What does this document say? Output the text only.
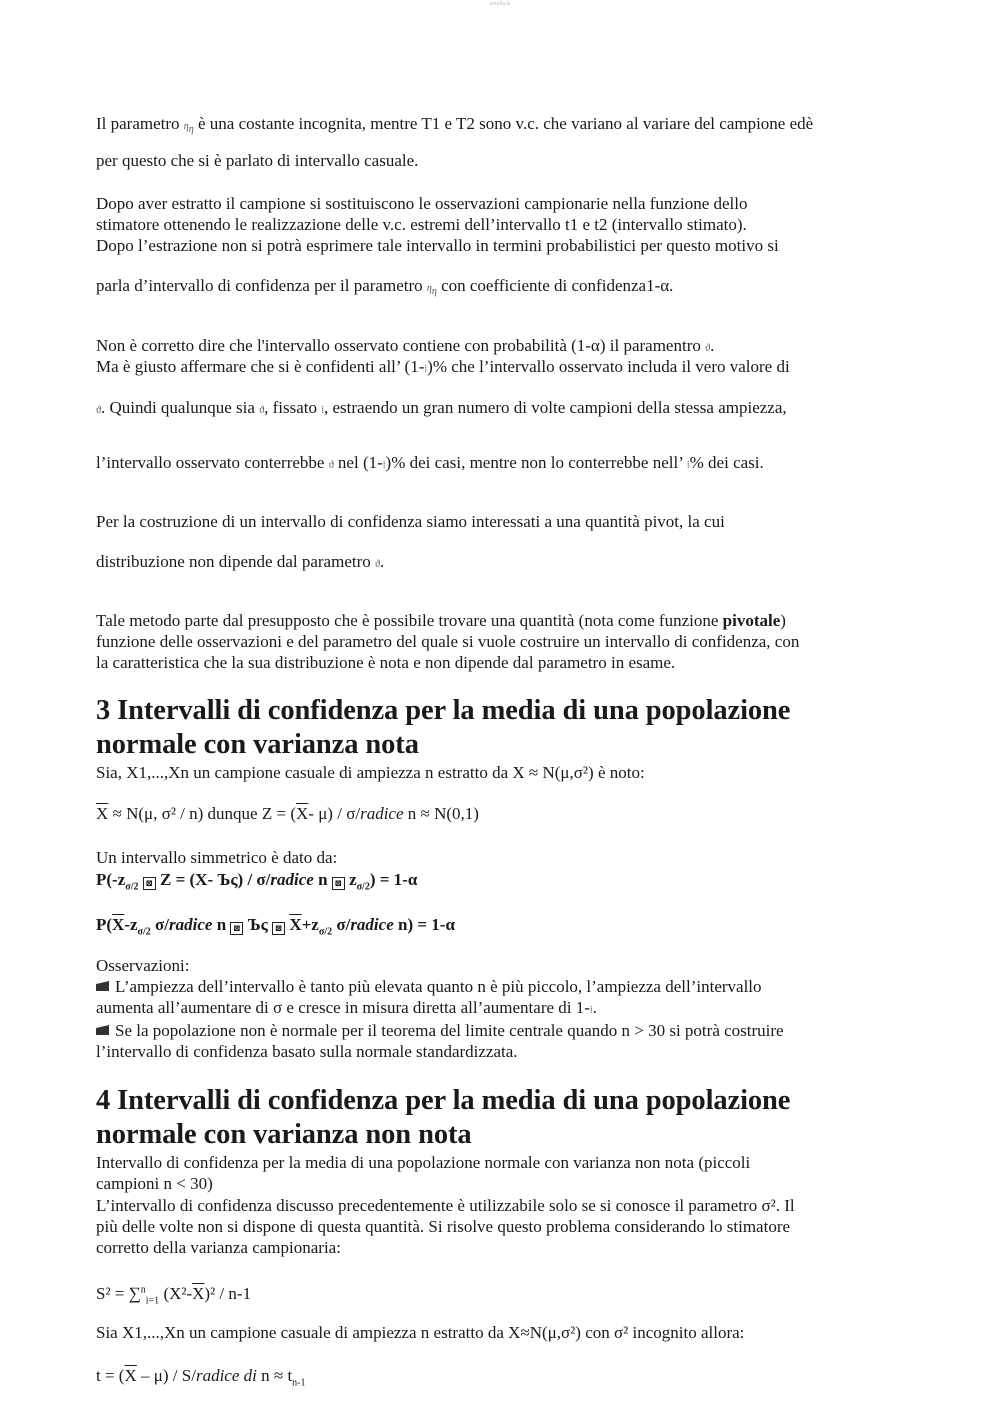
scuola.it
Il parametro $\eta_\eta$ è una costante incognita, mentre T1 e T2 sono v.c. che variano al variare del campione edè
per questo che si è parlato di intervallo casuale.
Dopo aver estratto il campione si sostituiscono le osservazioni campionarie nella funzione dello
stimatore ottenendo le realizzazione delle v.c. estremi dell’intervallo t1 e t2 (intervallo stimato).
Dopo l’estrazione non si potrà esprimere tale intervallo in termini probabilistici per questo motivo si
parla d’intervallo di confidenza per il parametro $\eta_\eta$ con coefficiente di confidenza1-α.
Non è corretto dire che l'intervallo osservato contiene con probabilità (1-α) il paramentro ϑ.
Ma è giusto affermare che si è confidenti all’ (1-⁞)% che l’intervallo osservato includa il vero valore di
ϑ. Quindi qualunque sia ϑ, fissato ⁞, estraendo un gran numero di volte campioni della stessa ampiezza,
l’intervallo osservato conterrebbe ϑ nel (1-⁞)% dei casi, mentre non lo conterrebbe nell’ ⁞% dei casi.
Per la costruzione di un intervallo di confidenza siamo interessati a una quantità pivot, la cui
distribuzione non dipende dal parametro ϑ.
Tale metodo parte dal presupposto che è possibile trovare una quantità (nota come funzione pivotale)
funzione delle osservazioni e del parametro del quale si vuole costruire un intervallo di confidenza, con
la caratteristica che la sua distribuzione è nota e non dipende dal parametro in esame.
3 Intervalli di confidenza per la media di una popolazione
normale con varianza nota
Sia, X1,...,Xn un campione casuale di ampiezza n estratto da X ≈ N(μ,σ²) è noto:
$\overline{X} \approx N(\mu$, σ² / n) dunque $Z = (\overline{X}-$ μ) / σ/radice n ≈ N(0,1)
Un intervallo simmetrico è dato da:
$P(-z_{\sigma/2}$ ⊠ Z = (X- Ъς) / σ/radice n ⊠ $z_{\sigma/2}) = 1-\alpha$
$P(\overline{X}-z_{\sigma/2}$ σ/radice n ⊠ Ъς ⊠ $\overline{X}+z_{\sigma/2}$ σ/radice n) = 1-α
Osservazioni:
L’ampiezza dell’intervallo è tanto più elevata quanto n è più piccolo, l’ampiezza dell’intervallo
aumenta all’aumentare di σ e cresce in misura diretta all’aumentare di 1-⁞.
Se la popolazione non è normale per il teorema del limite centrale quando n > 30 si potrà costruire
l’intervallo di confidenza basato sulla normale standardizzata.
4 Intervalli di confidenza per la media di una popolazione
normale con varianza non nota
Intervallo di confidenza per la media di una popolazione normale con varianza non nota (piccoli
campioni n < 30)
L’intervallo di confidenza discusso precedentemente è utilizzabile solo se si conosce il parametro σ². Il
più delle volte non si dispone di questa quantità. Si risolve questo problema considerando lo stimatore
corretto della varianza campionaria:
S² = ∑$^n_{i=1}$ $(X^2-\overline{X})^2 / n-1$
Sia X1,...,Xn un campione casuale di ampiezza n estratto da X≈N(μ,σ²) con σ² incognito allora:
$t = (\overline{X} - \mu)$ / S/radice di $n \approx t_{n-1}$
